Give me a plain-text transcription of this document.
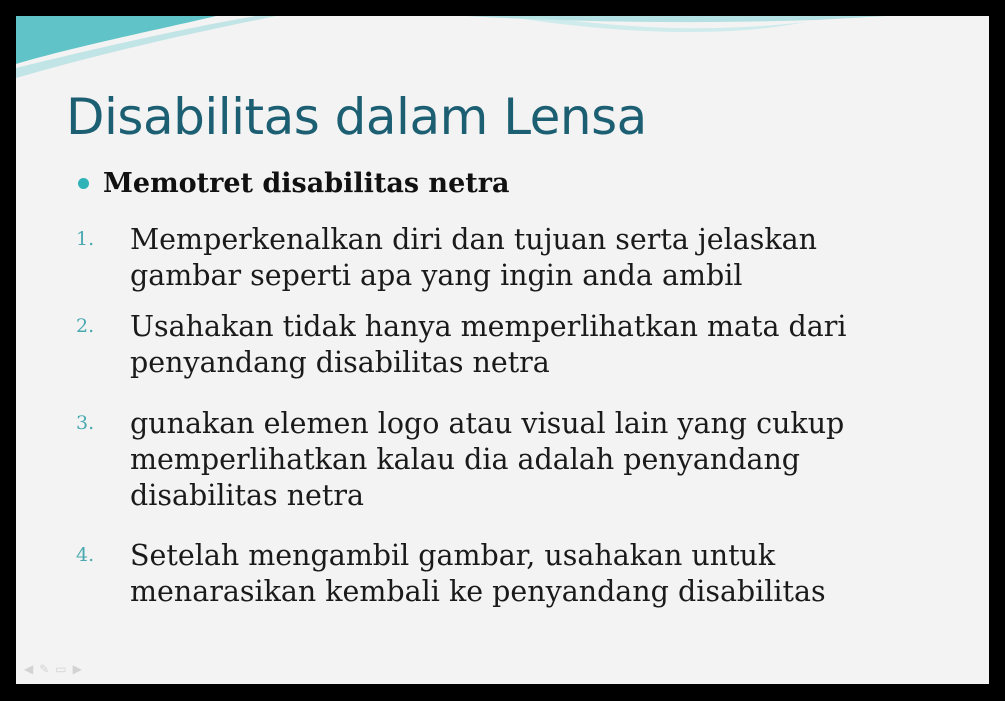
Disabilitas dalam Lensa
Memotret disabilitas netra
1. Memperkenalkan diri dan tujuan serta jelaskan gambar seperti apa yang ingin anda ambil
2. Usahakan tidak hanya memperlihatkan mata dari penyandang disabilitas netra
3. gunakan elemen logo atau visual lain yang cukup memperlihatkan kalau dia adalah penyandang disabilitas netra
4. Setelah mengambil gambar, usahakan untuk menarasikan kembali ke penyandang disabilitas
◀ ✎ ▭ ▶
